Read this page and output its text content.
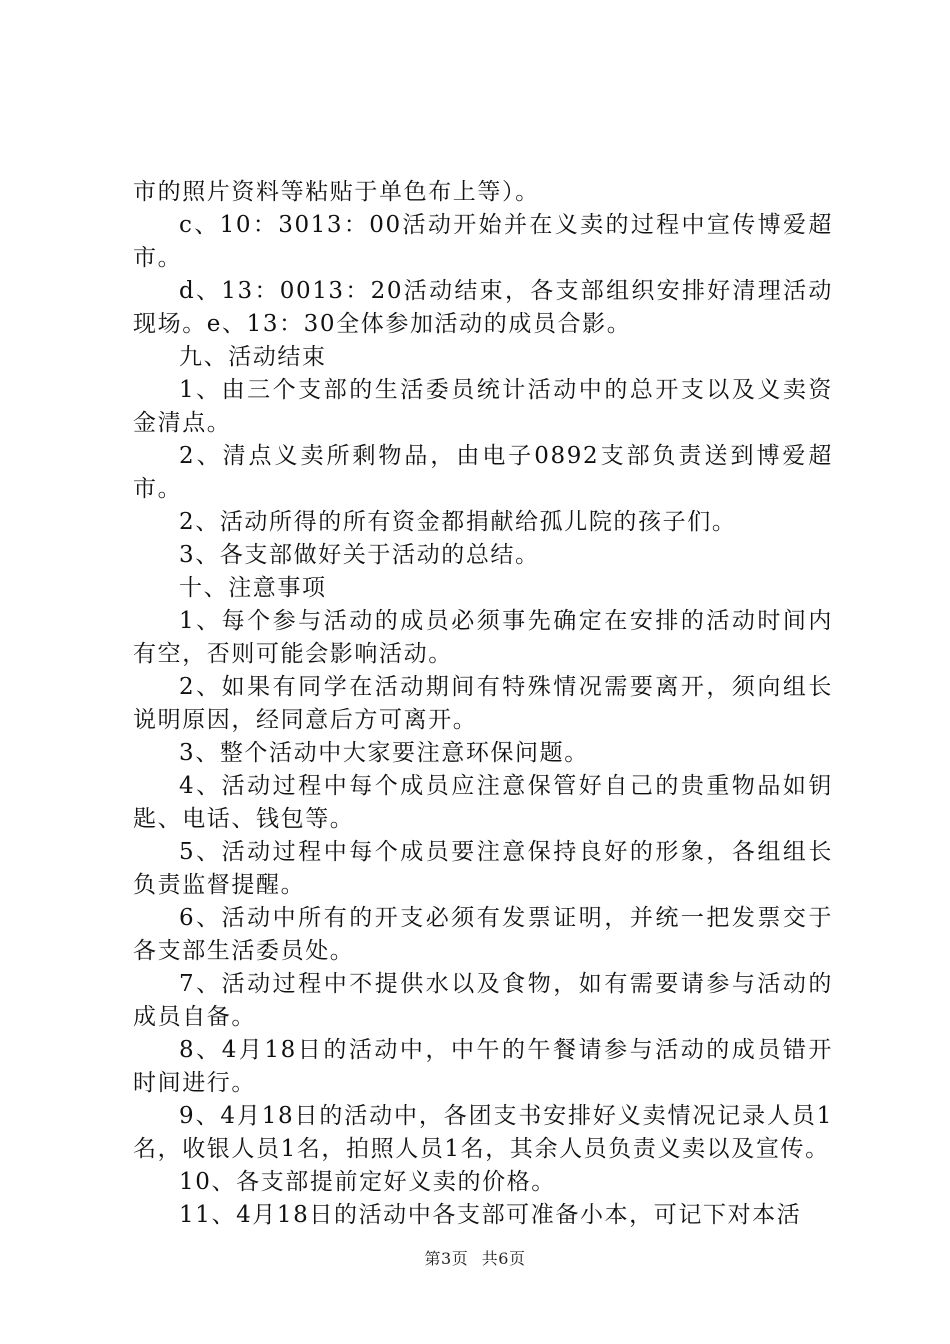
市的照片资料等粘贴于单色布上等）。

c、10：3013：00活动开始并在义卖的过程中宣传博爱超市。

d、13：0013：20活动结束，各支部组织安排好清理活动现场。e、13：30全体参加活动的成员合影。

九、活动结束

1、由三个支部的生活委员统计活动中的总开支以及义卖资金清点。

2、清点义卖所剩物品，由电子0892支部负责送到博爱超市。

2、活动所得的所有资金都捐献给孤儿院的孩子们。

3、各支部做好关于活动的总结。

十、注意事项

1、每个参与活动的成员必须事先确定在安排的活动时间内有空，否则可能会影响活动。

2、如果有同学在活动期间有特殊情况需要离开，须向组长说明原因，经同意后方可离开。

3、整个活动中大家要注意环保问题。

4、活动过程中每个成员应注意保管好自己的贵重物品如钥匙、电话、钱包等。

5、活动过程中每个成员要注意保持良好的形象，各组组长负责监督提醒。

6、活动中所有的开支必须有发票证明，并统一把发票交于各支部生活委员处。

7、活动过程中不提供水以及食物，如有需要请参与活动的成员自备。

8、4月18日的活动中，中午的午餐请参与活动的成员错开时间进行。

9、4月18日的活动中，各团支书安排好义卖情况记录人员1名，收银人员1名，拍照人员1名，其余人员负责义卖以及宣传。

10、各支部提前定好义卖的价格。

11、4月18日的活动中各支部可准备小本，可记下对本活

第3页 共6页
